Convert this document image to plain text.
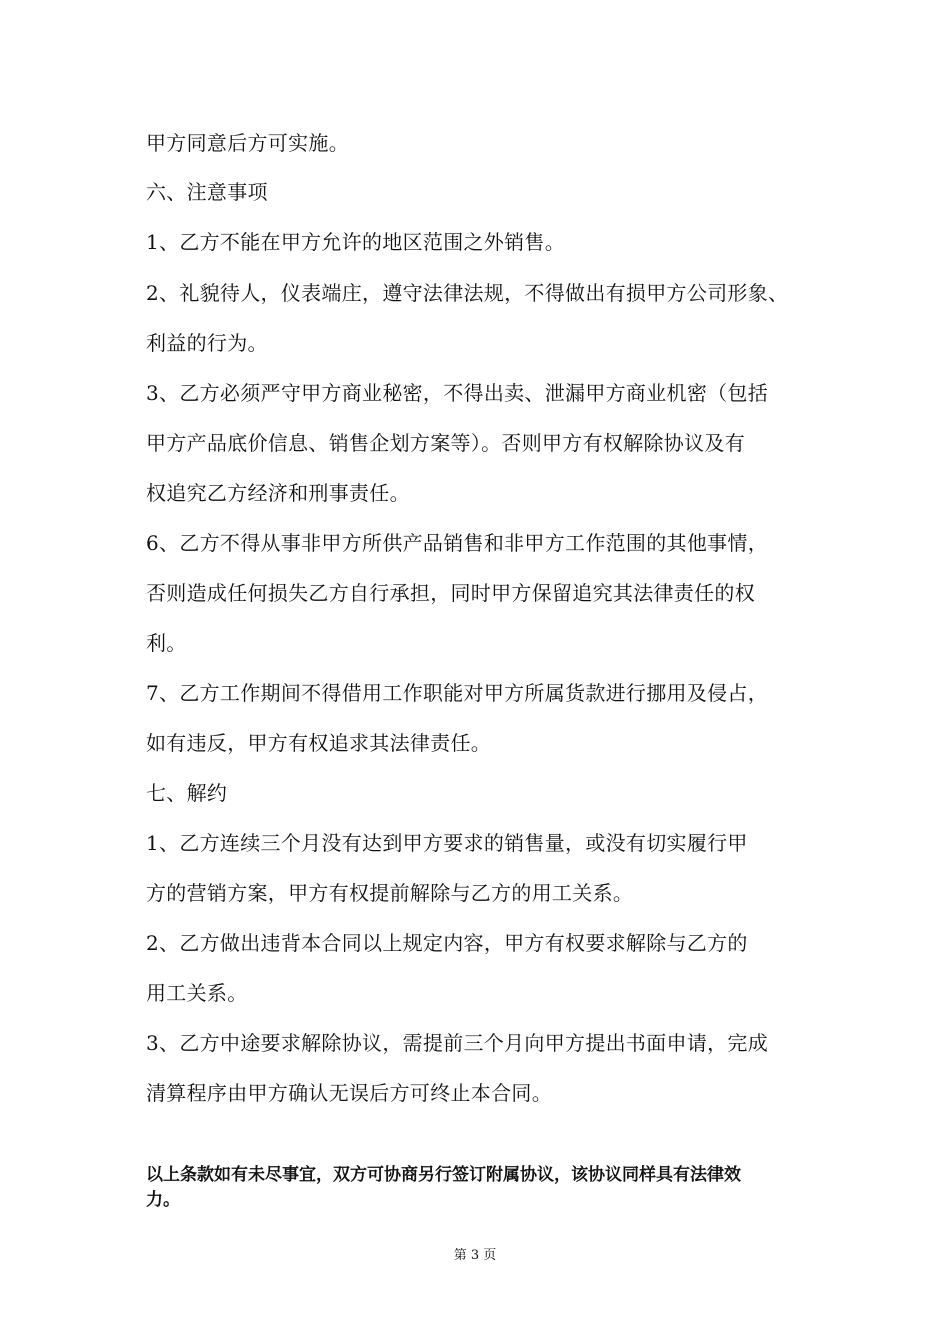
甲方同意后方可实施。
六、注意事项
1、乙方不能在甲方允许的地区范围之外销售。
2、礼貌待人，仪表端庄，遵守法律法规，不得做出有损甲方公司形象、
利益的行为。
3、乙方必须严守甲方商业秘密，不得出卖、泄漏甲方商业机密（包括
甲方产品底价信息、销售企划方案等）。否则甲方有权解除协议及有
权追究乙方经济和刑事责任。
6、乙方不得从事非甲方所供产品销售和非甲方工作范围的其他事情，
否则造成任何损失乙方自行承担，同时甲方保留追究其法律责任的权
利。
7、乙方工作期间不得借用工作职能对甲方所属货款进行挪用及侵占，
如有违反，甲方有权追求其法律责任。
七、解约
1、乙方连续三个月没有达到甲方要求的销售量，或没有切实履行甲
方的营销方案，甲方有权提前解除与乙方的用工关系。
2、乙方做出违背本合同以上规定内容，甲方有权要求解除与乙方的
用工关系。
3、乙方中途要求解除协议，需提前三个月向甲方提出书面申请，完成
清算程序由甲方确认无误后方可终止本合同。
以上条款如有未尽事宜，双方可协商另行签订附属协议，该协议同样具有法律效
力。
第 3 页
